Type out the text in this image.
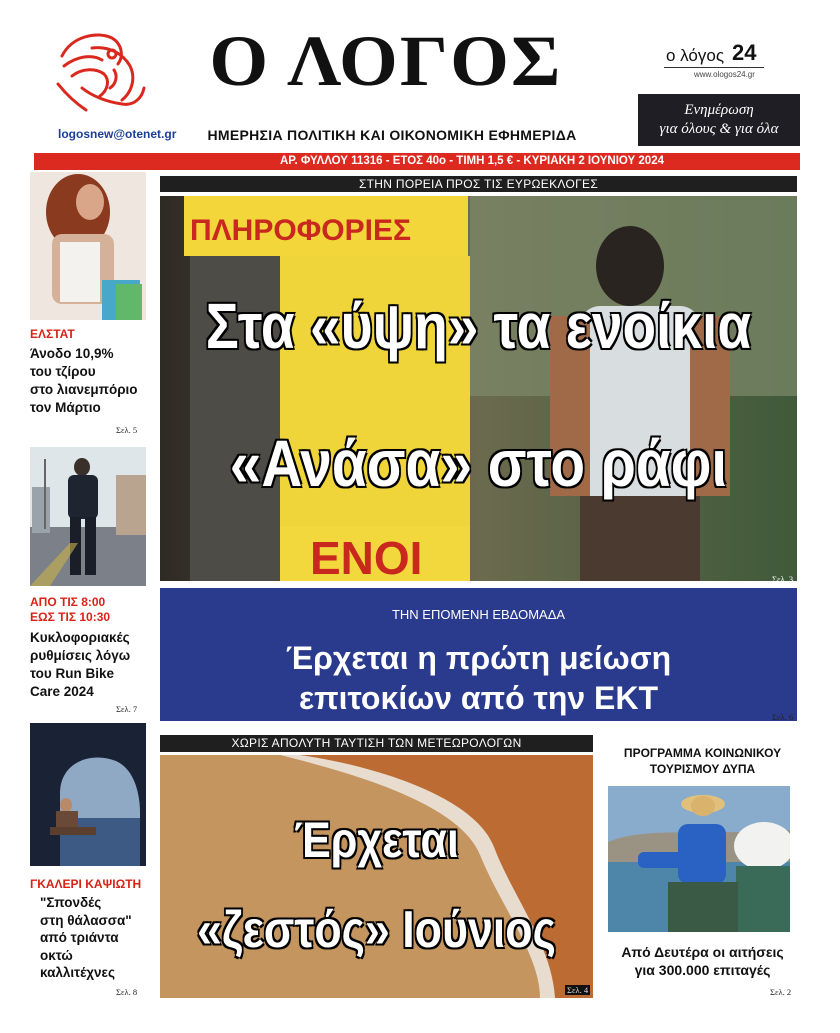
logosnew@otenet.gr
Ο ΛΟΓΟΣ
ΗΜΕΡΗΣΙΑ ΠΟΛΙΤΙΚΗ ΚΑΙ ΟΙΚΟΝΟΜΙΚΗ ΕΦΗΜΕΡΙΔΑ
ο λόγος 24
www.ologos24.gr
Ενημέρωση
για όλους & για όλα
ΑΡ. ΦΥΛΛΟΥ 11316 - ΕΤΟΣ 40ο - ΤΙΜΗ 1,5 € - ΚΥΡΙΑΚΗ 2 ΙΟΥΝΙΟΥ 2024
ΕΛΣΤΑΤ
Άνοδο 10,9%
του τζίρου
στο λιανεμπόριο
τον Μάρτιο
Σελ. 5
ΑΠΟ ΤΙΣ 8:00
ΕΩΣ ΤΙΣ 10:30
Κυκλοφοριακές
ρυθμίσεις λόγω
του Run Bike
Care 2024
Σελ. 7
ΓΚΑΛΕΡΙ ΚΑΨΙΩΤΗ
"Σπονδές
στη θάλασσα"
από τριάντα
οκτώ
καλλιτέχνες
Σελ. 8
ΣΤΗΝ ΠΟΡΕΙΑ ΠΡΟΣ ΤΙΣ ΕΥΡΩΕΚΛΟΓΕΣ
ΠΛΗΡΟΦΟΡΙΕΣ
ΕΝΟΙ
Στα «ύψη» τα ενοίκια
«Ανάσα» στο ράφι
Σελ. 3
ΤΗΝ ΕΠΟΜΕΝΗ ΕΒΔΟΜΑΔΑ
Έρχεται η πρώτη μείωση
επιτοκίων από την ΕΚΤ
Σελ. 6
ΧΩΡΙΣ ΑΠΟΛΥΤΗ ΤΑΥΤΙΣΗ ΤΩΝ ΜΕΤΕΩΡΟΛΟΓΩΝ
Έρχεται
«ζεστός» Ιούνιος
Σελ. 4
ΠΡΟΓΡΑΜΜΑ ΚΟΙΝΩΝΙΚΟΥ
ΤΟΥΡΙΣΜΟΥ ΔΥΠΑ
Από Δευτέρα οι αιτήσεις
για 300.000 επιταγές
Σελ. 2
